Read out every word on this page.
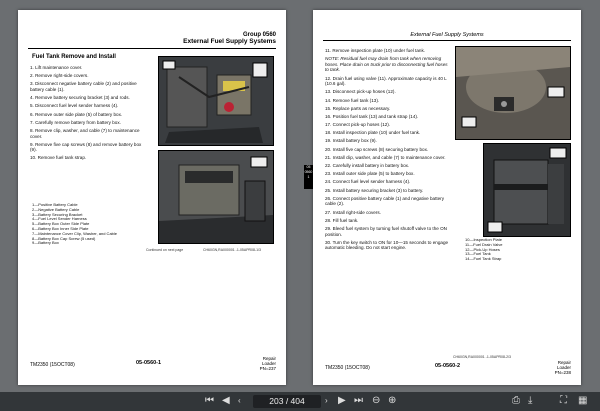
Group 0560
External Fuel Supply Systems
Fuel Tank Remove and Install
1. Lift maintenance cover.
2. Remove right-side covers.
3. Disconnect negative battery cable (2) and positive battery cable (1).
4. Remove battery securing bracket (3) and rods.
5. Disconnect fuel level sender harness (4).
6. Remove outer side plate (5) of battery box.
7. Carefully remove battery from battery box.
8. Remove clip, washer, and cable (7) to maintenance cover.
9. Remove five cap screws (8) and remove battery box (9).
10. Remove fuel tank strap.
1—Positive Battery Cable
2—Negative Battery Cable
3—Battery Securing Bracket
4—Fuel Level Sender Harness
5—Battery Box Outer Side Plate
6—Battery Box Inner Side Plate
7—Maintenance Cover Clip, Washer, and Cable
8—Battery Box Cap Screw (5 used)
9—Battery Box
Continued on next page	CH60GN,RA000001 -1-05APR08-1/3
TM2350 (15OCT08)	05-0560-1
Repair
Loader
PN=237
05
0560
1
External Fuel Supply Systems
11. Remove inspection plate (10) under fuel tank.
NOTE: Residual fuel may drain from tank when removing hoses. Place drain on truck prior to disconnecting fuel hoses to tank.
12. Drain fuel using valve (11). Approximate capacity is 40 L (10.6 gal).
13. Disconnect pick-up hoses (12).
14. Remove fuel tank (13).
15. Replace parts as necessary.
16. Position fuel tank (13) and tank strap (14).
17. Connect pick-up hoses (12).
18. Install inspection plate (10) under fuel tank.
19. Install battery box (9).
20. Install five cap screws (8) securing battery box.
21. Install clip, washer, and cable (7) to maintenance cover.
22. Carefully install battery in battery box.
23. Install outer side plate (5) to battery box.
24. Connect fuel level sender harness (4).
25. Install battery securing bracket (3) to battery.
26. Connect positive battery cable (1) and negative battery cable (2).
27. Install right-side covers.
28. Fill fuel tank.
29. Bleed fuel system by turning fuel shutoff valve to the ON position.
30. Turn the key switch to ON for 10—15 seconds to engage automatic bleeding. Do not start engine.
10—Inspection Plate
11—Fuel Drain Valve
12—Pick-Up Hoses
13—Fuel Tank
14—Fuel Tank Strap
CH60GN,RA000001 -1-05APR08-2/3
TM2350 (15OCT08)	05-0560-2
Repair
Loader
PN=238
⏮ ◀ ‹	203 / 404	› ▶ ⏭ ⊖ ⊕	⎙ ⤓	⛶ ▦
